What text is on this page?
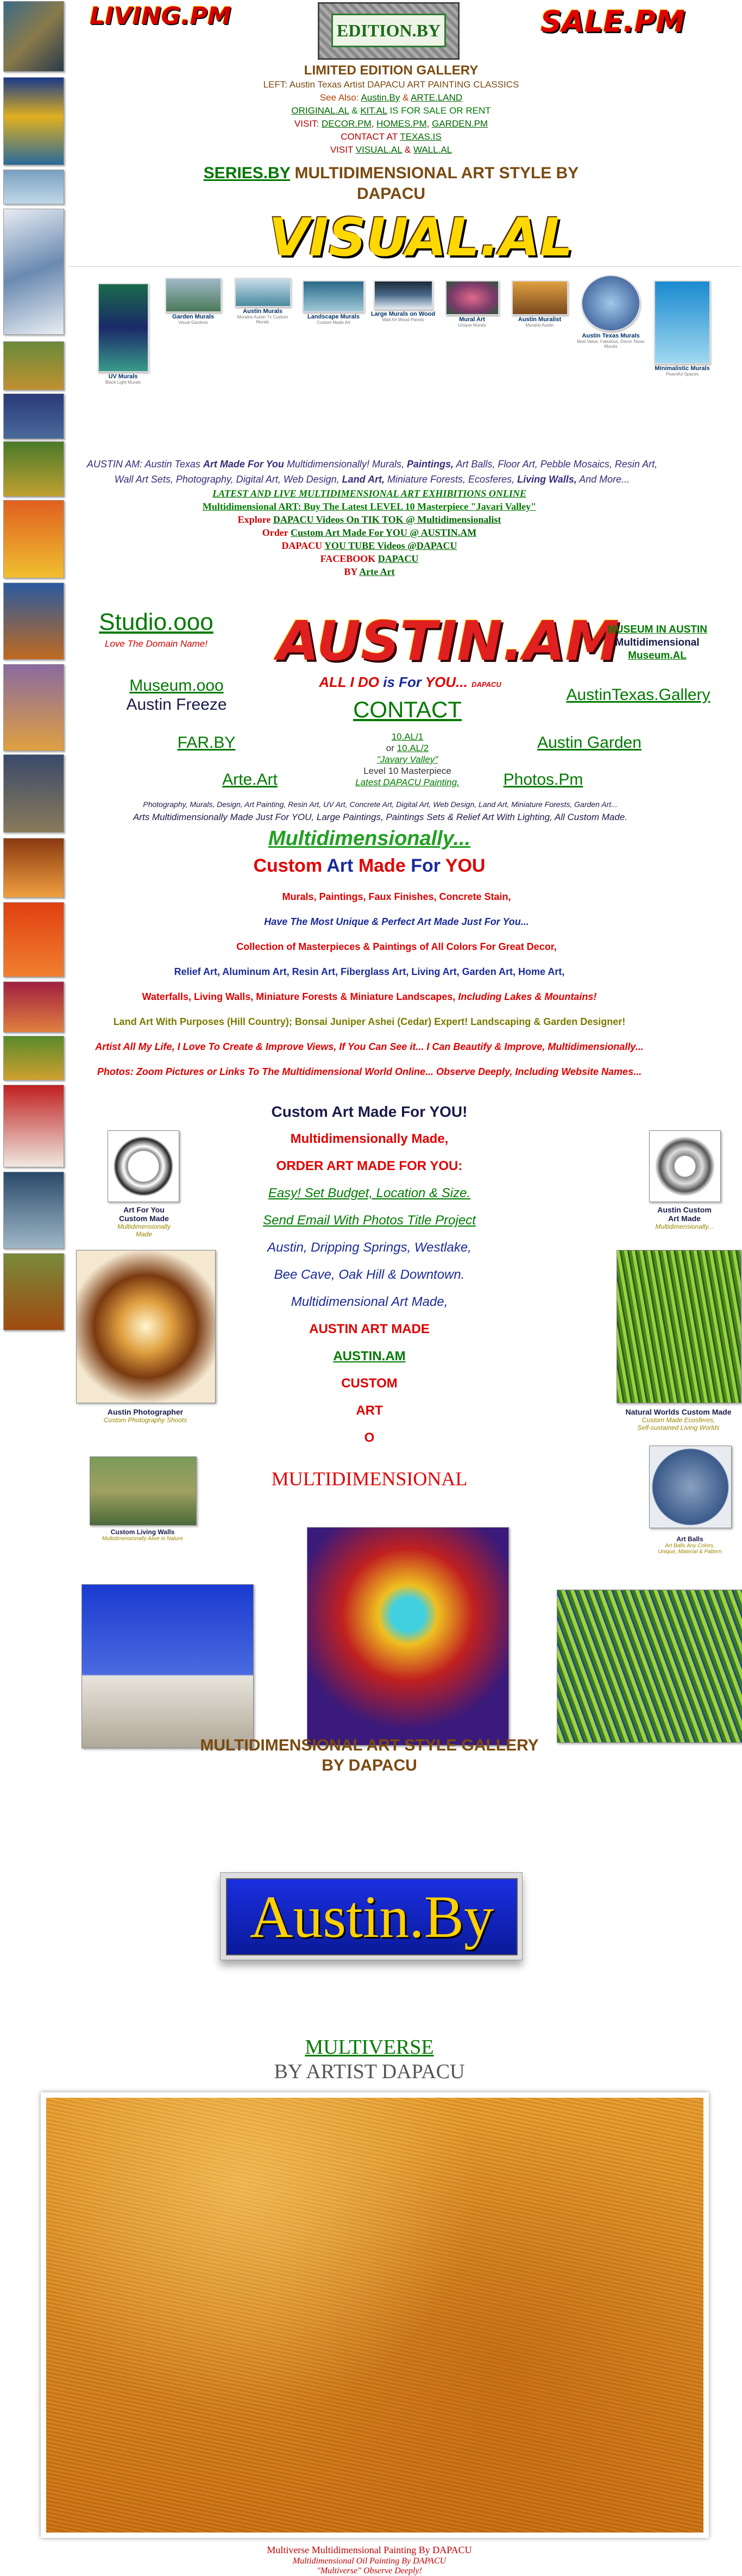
LIVING.PM
EDITION.BY	SALE.PM
LIMITED EDITION GALLERY
LEFT: Austin Texas Artist DAPACU ART PAINTING CLASSICS
See Also: Austin.By & ARTE.LAND
ORIGINAL.AL & KIT.AL IS FOR SALE OR RENT
VISIT: DECOR.PM, HOMES.PM, GARDEN.PM
CONTACT AT TEXAS.IS
VISIT VISUAL.AL & WALL.AL
SERIES.BY MULTIDIMENSIONAL ART STYLE BY DAPACU
VISUAL.AL
UV Murals
Black Light Murals
Garden Murals
Visual Gardens
Austin Murals
Murales Austin Tx Custom Murals
Landscape Murals
Custom Made Art
Large Murals on Wood
Wall Art Wood Panels	Mural Art
Unique Murals
Austin Muralist
Muralist Austin
Austin Texas Murals
Best Value, Fabulous, Decor Texas Murals
Minimalistic Murals
Peaceful Spaces
AUSTIN AM: Austin Texas Art Made For You Multidimensionally! Murals, Paintings, Art Balls, Floor Art, Pebble Mosaics, Resin Art, Wall Art Sets, Photography, Digital Art, Web Design, Land Art, Miniature Forests, Ecosferes, Living Walls, And More...
LATEST AND LIVE MULTIDIMENSIONAL ART EXHIBITIONS ONLINE
Multidimensional ART: Buy The Latest LEVEL 10 Masterpiece "Javari Valley"
Explore DAPACU Videos On TIK TOK @ Multidimensionalist
Order Custom Art Made For YOU @ AUSTIN.AM
DAPACU YOU TUBE Videos @DAPACU
FACEBOOK DAPACU
BY Arte Art
Studio.ooo
Love The Domain Name!	AUSTIN.AM
ALL I DO is For YOU... DAPACU
MUSEUM IN AUSTIN
Multidimensional
Museum.AL
Museum.ooo
Austin Freeze	CONTACT
AustinTexas.Gallery
FAR.BY	10.AL/1
or 10.AL/2
"Javary Valley"
Level 10 Masterpiece
Latest DAPACU Painting.
Austin Garden
Arte.Art	Photos.Pm
Photography, Murals, Design, Art Painting, Resin Art, UV Art, Concrete Art, Digital Art, Web Design, Land Art, Miniature Forests, Garden Art...
Arts Multidimensionally Made Just For YOU, Large Paintings, Paintings Sets & Relief Art With Lighting, All Custom Made.
Multidimensionally...
Custom Art Made For YOU
Murals, Paintings, Faux Finishes, Concrete Stain,
Have The Most Unique & Perfect Art Made Just For You...
Collection of Masterpieces & Paintings of All Colors For Great Decor,
Relief Art, Aluminum Art, Resin Art, Fiberglass Art, Living Art, Garden Art, Home Art,
Waterfalls, Living Walls, Miniature Forests & Miniature Landscapes, Including Lakes & Mountains!
Land Art With Purposes (Hill Country); Bonsai Juniper Ashei (Cedar) Expert! Landscaping & Garden Designer!
Artist All My Life, I Love To Create & Improve Views, If You Can See it... I Can Beautify & Improve, Multidimensionally...
Photos: Zoom Pictures or Links To The Multidimensional World Online... Observe Deeply, Including Website Names...
Custom Art Made For YOU!
Multidimensionally Made,
ORDER ART MADE FOR YOU:
Easy! Set Budget, Location & Size.
Send Email With Photos Title Project
Austin, Dripping Springs, Westlake,
Bee Cave, Oak Hill & Downtown.
Multidimensional Art Made,
AUSTIN ART MADE
AUSTIN.AM
CUSTOM
ART
O
MULTIDIMENSIONAL
Art For You
Custom Made
Multidimensionally
Made
Austin Photographer
Custom Photography Shoots
Custom Living Walls
Multidimensionally Alive in Nature
Austin Custom
Art Made
Multidimensionally...
Natural Worlds Custom Made
Custom Made Ecosferes,
Self-sustained Living Worlds
Art Balls
Art Balls Any Colors,
Unique, Material & Pattern
MULTIDIMENSIONAL ART STYLE GALLERY
BY DAPACU
Austin.By
MULTIVERSE
BY ARTIST DAPACU
Multiverse Multidimensional Painting By DAPACU
Multidimensional Oil Painting By DAPACU
"Multiverse" Observe Deeply!
